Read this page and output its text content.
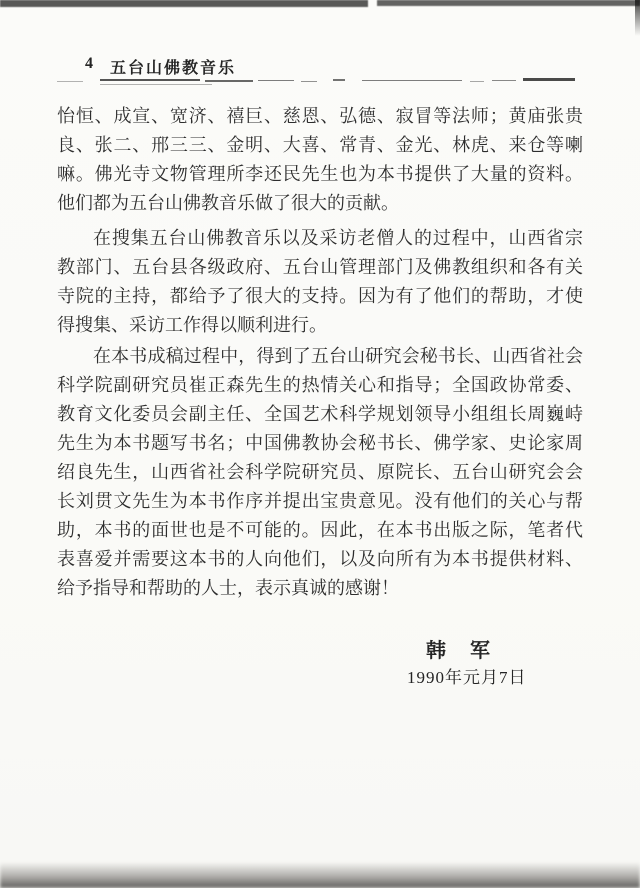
4 五台山佛教音乐
怡恒、成宣、宽济、禧巨、慈恩、弘德、寂冒等法师；黄庙张贵
良、张二、邢三三、金明、大喜、常青、金光、林虎、来仓等喇
嘛。佛光寺文物管理所李还民先生也为本书提供了大量的资料。
他们都为五台山佛教音乐做了很大的贡献。
在搜集五台山佛教音乐以及采访老僧人的过程中，山西省宗
教部门、五台县各级政府、五台山管理部门及佛教组织和各有关
寺院的主持，都给予了很大的支持。因为有了他们的帮助，才使
得搜集、采访工作得以顺利进行。
在本书成稿过程中，得到了五台山研究会秘书长、山西省社会
科学院副研究员崔正森先生的热情关心和指导；全国政协常委、
教育文化委员会副主任、全国艺术科学规划领导小组组长周巍峙
先生为本书题写书名；中国佛教协会秘书长、佛学家、史论家周
绍良先生，山西省社会科学院研究员、原院长、五台山研究会会
长刘贯文先生为本书作序并提出宝贵意见。没有他们的关心与帮
助，本书的面世也是不可能的。因此，在本书出版之际，笔者代
表喜爱并需要这本书的人向他们，以及向所有为本书提供材料、
给予指导和帮助的人士，表示真诚的感谢！
韩　军
1990年元月7日
